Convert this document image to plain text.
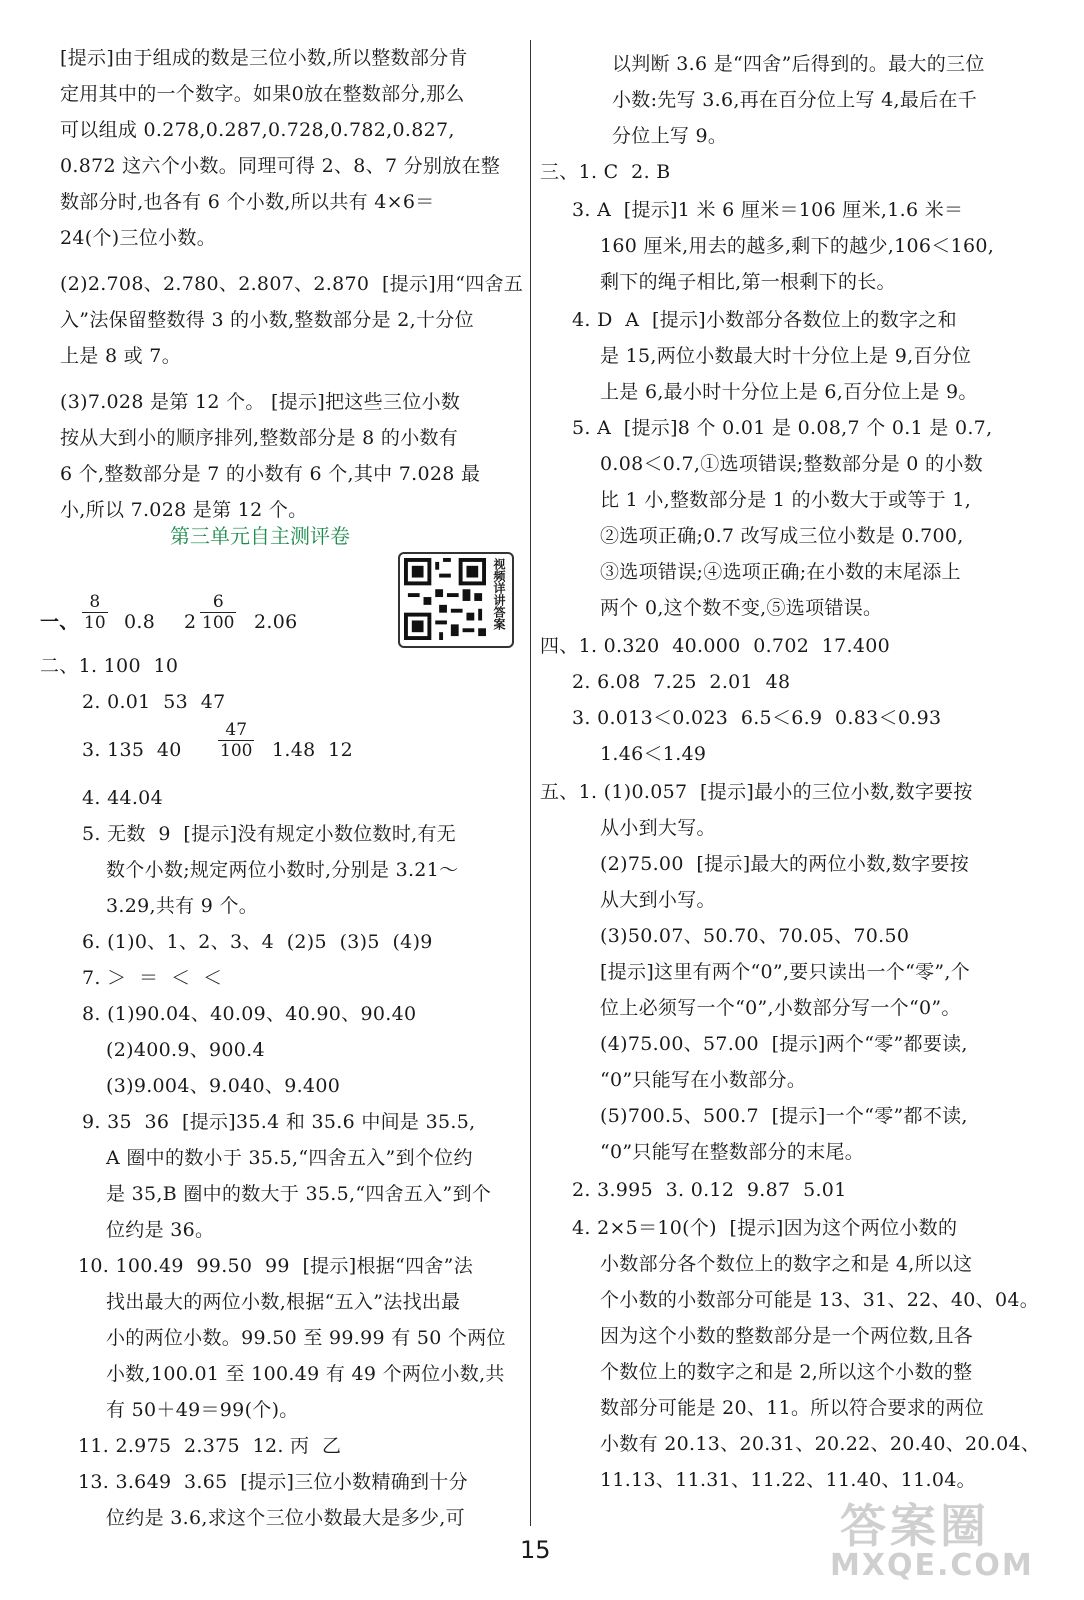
[提示]由于组成的数是三位小数,所以整数部分肯
定用其中的一个数字。如果0放在整数部分,那么
可以组成 0.278,0.287,0.728,0.782,0.827,
0.872 这六个小数。同理可得 2、8、7 分别放在整
数部分时,也各有 6 个小数,所以共有 4×6＝
24(个)三位小数。
(2)2.708、2.780、2.807、2.870  [提示]用“四舍五
入”法保留整数得 3 的小数,整数部分是 2,十分位
上是 8 或 7。
(3)7.028 是第 12 个。 [提示]把这些三位小数
按从大到小的顺序排列,整数部分是 8 的小数有
6 个,整数部分是 7 的小数有 6 个,其中 7.028 最
小,所以 7.028 是第 12 个。
第三单元自主测评卷
一、 $\frac{8}{10} 0.8$ $2 \frac{6}{100} 2.06$
二、1. 100  10
2. 0.01  53  47
3. 135  $40 \frac{47}{100} 1.48$  12
4. 44.04
5. 无数  9  [提示]没有规定小数位数时,有无
数个小数;规定两位小数时,分别是 3.21～
3.29,共有 9 个。
6. (1)0、1、2、3、4  (2)5  (3)5  (4)9
7. ＞  ＝  ＜  ＜
8. (1)90.04、40.09、40.90、90.40
(2)400.9、900.4
(3)9.004、9.040、9.400
9. 35  36  [提示]35.4 和 35.6 中间是 35.5,
A 圈中的数小于 35.5,“四舍五入”到个位约
是 35,B 圈中的数大于 35.5,“四舍五入”到个
位约是 36。
10. 100.49  99.50  99  [提示]根据“四舍”法
找出最大的两位小数,根据“五入”法找出最
小的两位小数。99.50 至 99.99 有 50 个两位
小数,100.01 至 100.49 有 49 个两位小数,共
有 50＋49＝99(个)。
11. 2.975  2.375  12. 丙  乙
13. 3.649  3.65  [提示]三位小数精确到十分
位约是 3.6,求这个三位小数最大是多少,可
视频详讲答案
以判断 3.6 是“四舍”后得到的。最大的三位
小数:先写 3.6,再在百分位上写 4,最后在千
分位上写 9。
三、1. C  2. B
3. A  [提示]1 米 6 厘米＝106 厘米,1.6 米＝
160 厘米,用去的越多,剩下的越少,106＜160,
剩下的绳子相比,第一根剩下的长。
4. D  A  [提示]小数部分各数位上的数字之和
是 15,两位小数最大时十分位上是 9,百分位
上是 6,最小时十分位上是 6,百分位上是 9。
5. A  [提示]8 个 0.01 是 0.08,7 个 0.1 是 0.7,
0.08＜0.7,①选项错误;整数部分是 0 的小数
比 1 小,整数部分是 1 的小数大于或等于 1,
②选项正确;0.7 改写成三位小数是 0.700,
③选项错误;④选项正确;在小数的末尾添上
两个 0,这个数不变,⑤选项错误。
四、1. 0.320  40.000  0.702  17.400
2. 6.08  7.25  2.01  48
3. 0.013＜0.023  6.5＜6.9  0.83＜0.93
1.46＜1.49
五、1. (1)0.057  [提示]最小的三位小数,数字要按
从小到大写。
(2)75.00  [提示]最大的两位小数,数字要按
从大到小写。
(3)50.07、50.70、70.05、70.50
[提示]这里有两个“0”,要只读出一个“零”,个
位上必须写一个“0”,小数部分写一个“0”。
(4)75.00、57.00  [提示]两个“零”都要读,
“0”只能写在小数部分。
(5)700.5、500.7  [提示]一个“零”都不读,
“0”只能写在整数部分的末尾。
2. 3.995  3. 0.12  9.87  5.01
4. 2×5＝10(个)  [提示]因为这个两位小数的
小数部分各个数位上的数字之和是 4,所以这
个小数的小数部分可能是 13、31、22、40、04。
因为这个小数的整数部分是一个两位数,且各
个数位上的数字之和是 2,所以这个小数的整
数部分可能是 20、11。所以符合要求的两位
小数有 20.13、20.31、20.22、20.40、20.04、
11.13、11.31、11.22、11.40、11.04。
15	答案圈
MXQE.COM
